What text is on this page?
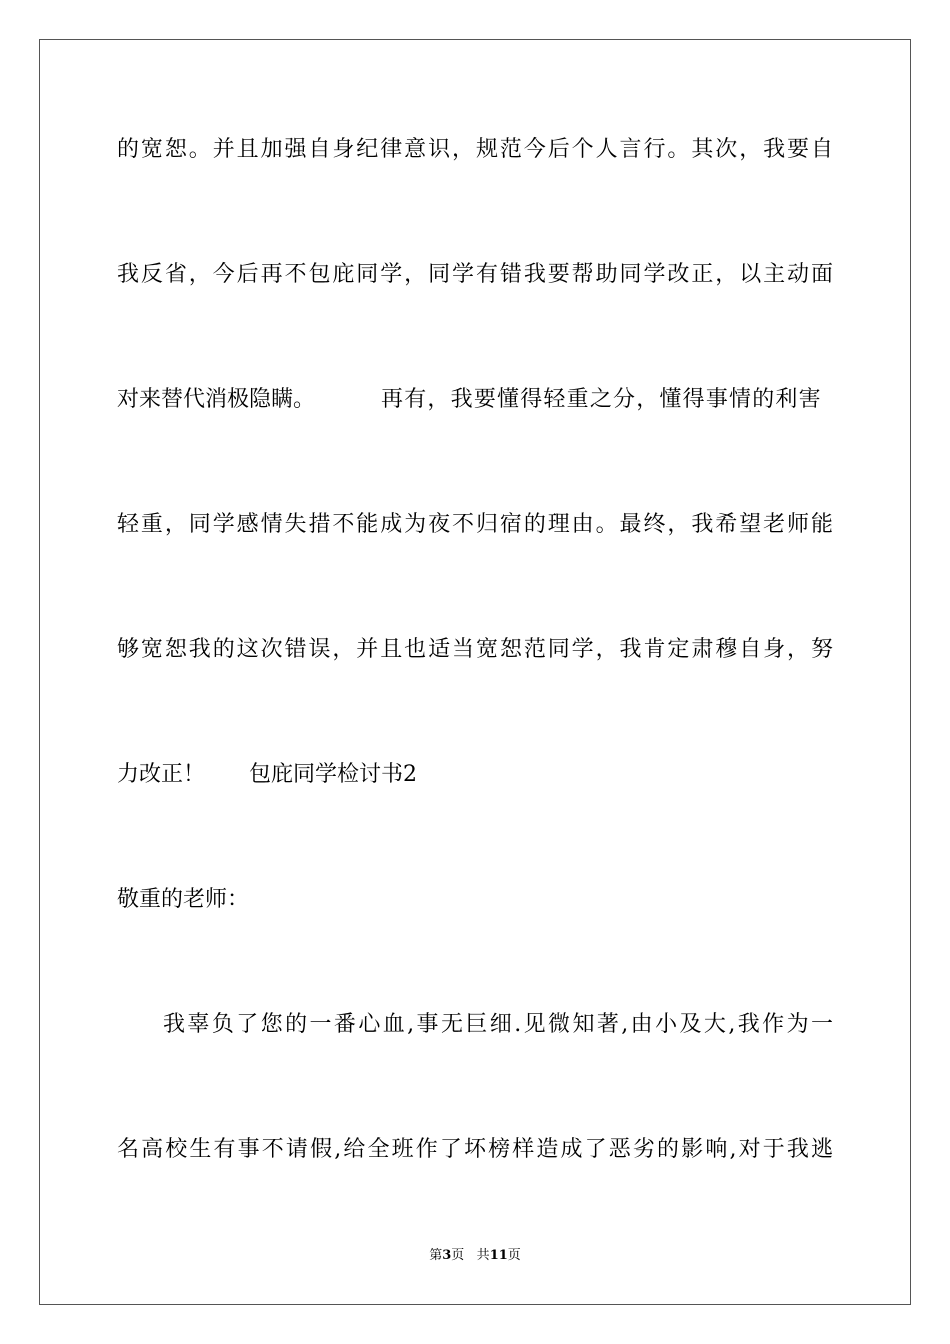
的宽恕。并且加强自身纪律意识，规范今后个人言行。其次，我要自
我反省，今后再不包庇同学，同学有错我要帮助同学改正，以主动面
对来替代消极隐瞒。	再有，我要懂得轻重之分，懂得事情的利害
轻重，同学感情失措不能成为夜不归宿的理由。最终，我希望老师能
够宽恕我的这次错误，并且也适当宽恕范同学，我肯定肃穆自身，努
力改正！ 包庇同学检讨书2
敬重的老师：
我辜负了您的一番心血,事无巨细.见微知著,由小及大,我作为一
名高校生有事不请假,给全班作了坏榜样造成了恶劣的影响,对于我逃
第3页 共11页
